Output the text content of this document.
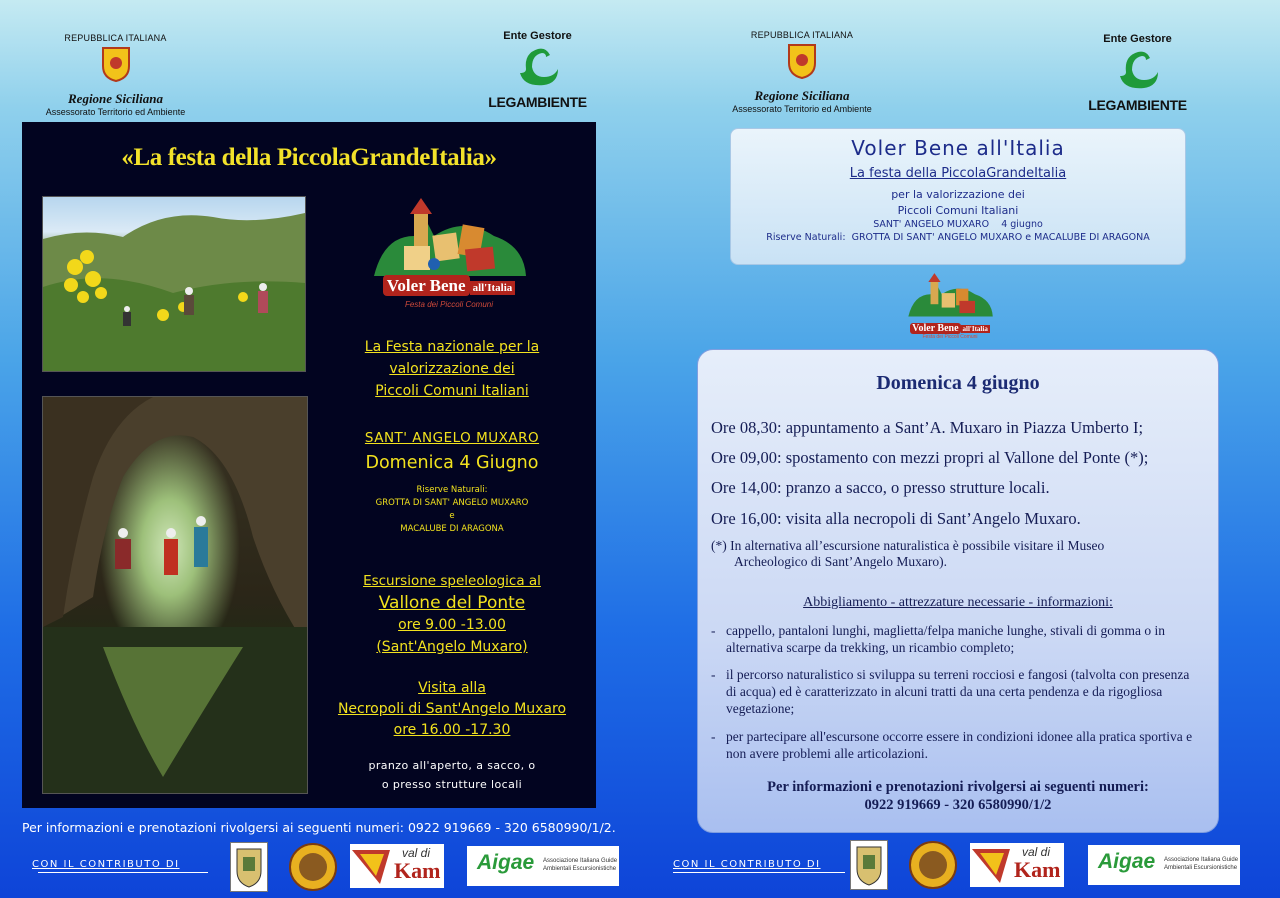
REPUBBLICA ITALIANA
Regione Siciliana
Assessorato Territorio ed Ambiente
Ente Gestore
LEGAMBIENTE
REPUBBLICA ITALIANA
Regione Siciliana
Assessorato Territorio ed Ambiente
Ente Gestore
LEGAMBIENTE
«La festa della PiccolaGrandeItalia»
Voler Bene all'Italia
Festa dei Piccoli Comuni
La Festa nazionale per la
valorizzazione dei
Piccoli Comuni Italiani
SANT' ANGELO MUXARO
Domenica 4 Giugno
Riserve Naturali:
GROTTA DI SANT' ANGELO MUXARO
e
MACALUBE DI ARAGONA
Escursione speleologica al
Vallone del Ponte
ore 9.00 -13.00
(Sant'Angelo Muxaro)
Visita alla
Necropoli di Sant'Angelo Muxaro
ore 16.00 -17.30
pranzo all'aperto, a sacco, o
o presso strutture locali
Voler Bene all'Italia
La festa della PiccolaGrandeItalia
per la valorizzazione dei
Piccoli Comuni Italiani
SANT' ANGELO MUXARO 4 giugno
Riserve Naturali: GROTTA DI SANT' ANGELO MUXARO e MACALUBE DI ARAGONA
Voler Bene all'Italia
Festa dei Piccoli Comuni
Domenica 4 giugno
Ore 08,30: appuntamento a Sant’A. Muxaro in Piazza Umberto I;
Ore 09,00: spostamento con mezzi propri al Vallone del Ponte (*);
Ore 14,00: pranzo a sacco, o presso strutture locali.
Ore 16,00: visita alla necropoli di Sant’Angelo Muxaro.
(*) In alternativa all’escursione naturalistica è possibile visitare il Museo
Archeologico di Sant’Angelo Muxaro).
Abbigliamento - attrezzature necessarie - informazioni:
- cappello, pantaloni lunghi, maglietta/felpa maniche lunghe, stivali di gomma o in alternativa scarpe da trekking, un ricambio completo;
- il percorso naturalistico si sviluppa su terreni rocciosi e fangosi (talvolta con presenza di acqua) ed è caratterizzato in alcuni tratti da una certa pendenza e da rigogliosa vegetazione;
- per partecipare all'escursone occorre essere in condizioni idonee alla pratica sportiva e non avere problemi alle articolazioni.
Per informazioni e prenotazioni rivolgersi ai seguenti numeri:
0922 919669 - 320 6580990/1/2
Per informazioni e prenotazioni rivolgersi ai seguenti numeri: 0922 919669 - 320 6580990/1/2.
CON IL CONTRIBUTO DI
val di
Kam Aigae Associazione Italiana Guide
Ambientali Escursionistiche	CON IL CONTRIBUTO DI
val di
Kam Aigae Associazione Italiana Guide
Ambientali Escursionistiche
